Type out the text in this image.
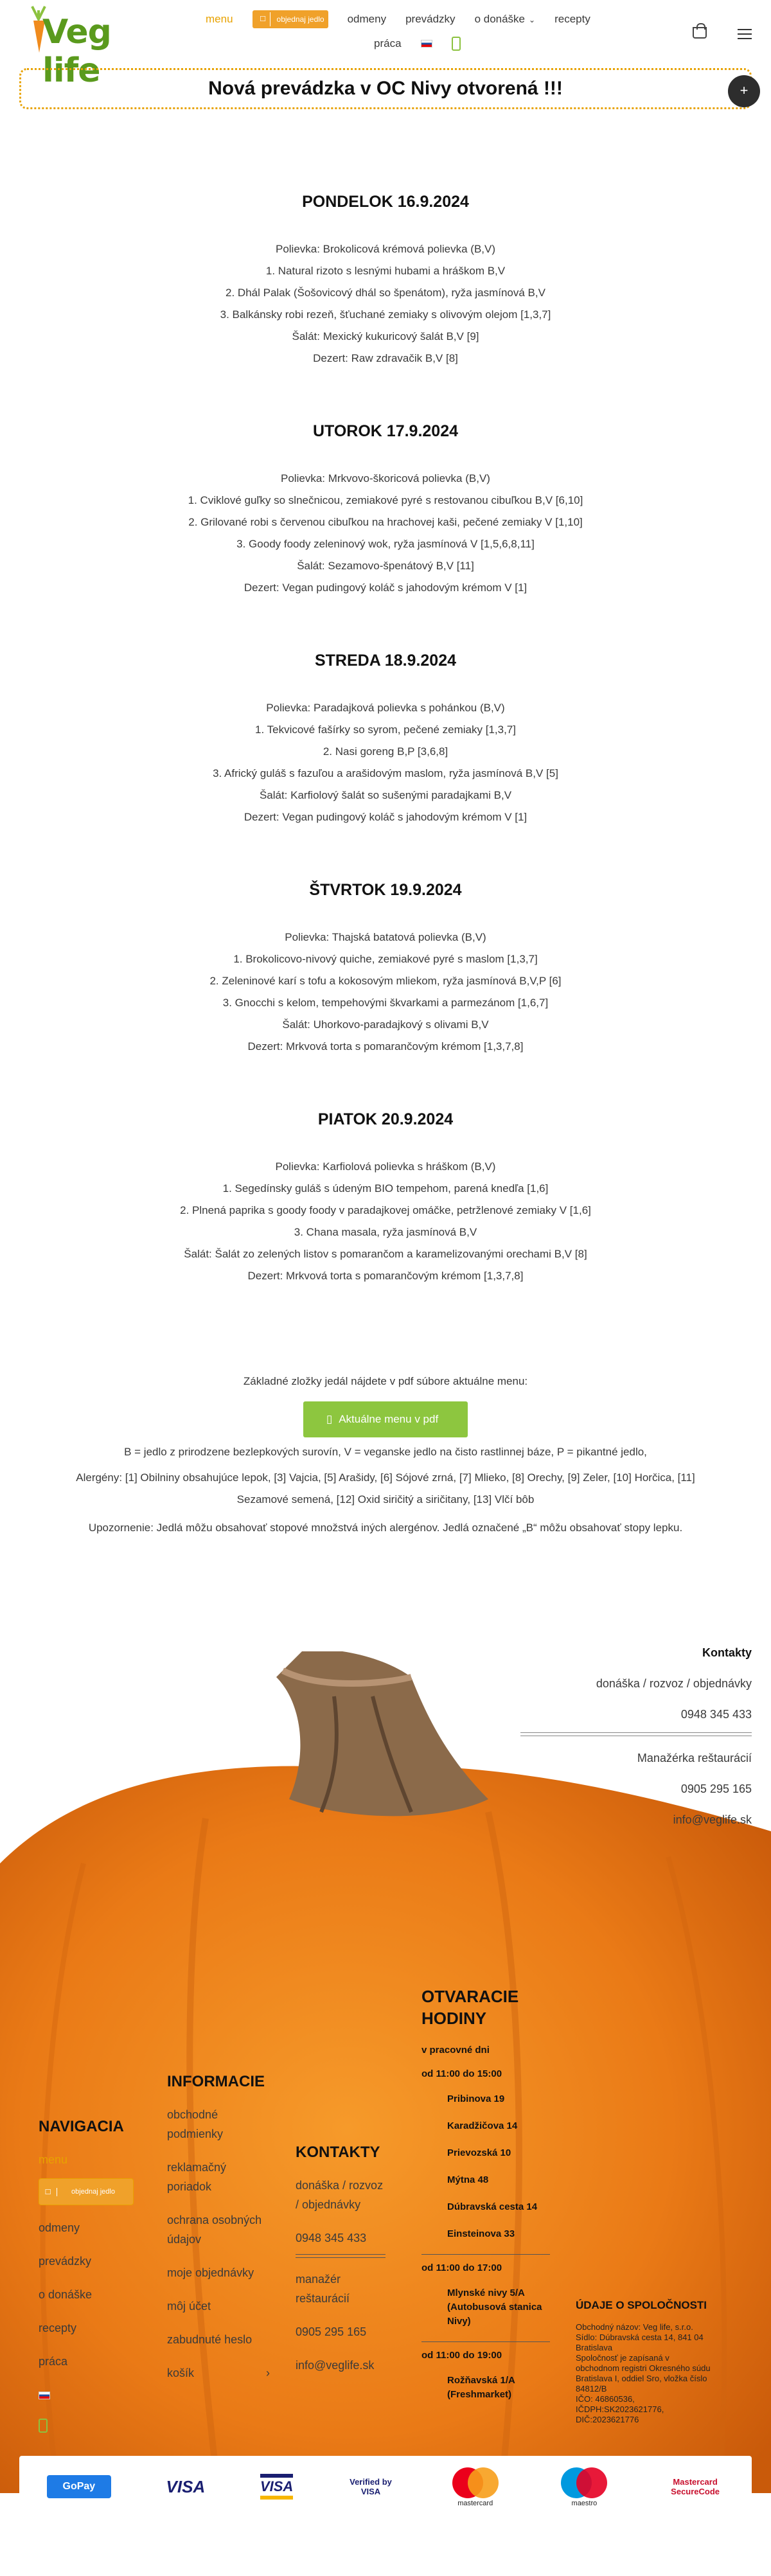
Veg life
menu	☐	objednaj jedlo odmeny prevádzky o donáške ⌄ recepty
práca
Nová prevádzka v OC Nivy otvorená !!!	+
PONDELOK 16.9.2024

Polievka: Brokolicová krémová polievka (B,V)

1. Natural rizoto s lesnými hubami a hráškom B,V

2. Dhál Palak (Šošovicový dhál so špenátom), ryža jasmínová B,V

3. Balkánsky robi rezeň, šťuchané zemiaky s olivovým olejom [1,3,7]

Šalát: Mexický kukuricový šalát B,V [9]

Dezert: Raw zdravačik B,V [8]

UTOROK 17.9.2024

Polievka: Mrkvovo-škoricová polievka (B,V)

1. Cviklové guľky so slnečnicou, zemiakové pyré s restovanou cibuľkou B,V [6,10]

2. Grilované robi s červenou cibuľkou na hrachovej kaši, pečené zemiaky V [1,10]

3. Goody foody zeleninový wok, ryža jasmínová V [1,5,6,8,11]

Šalát: Sezamovo-špenátový B,V [11]

Dezert: Vegan pudingový koláč s jahodovým krémom V [1]

STREDA 18.9.2024

Polievka: Paradajková polievka s pohánkou (B,V)

1. Tekvicové fašírky so syrom, pečené zemiaky [1,3,7]

2. Nasi goreng B,P [3,6,8]

3. Africký guláš s fazuľou a arašidovým maslom, ryža jasmínová B,V [5]

Šalát: Karfiolový šalát so sušenými paradajkami B,V

Dezert: Vegan pudingový koláč s jahodovým krémom V [1]

ŠTVRTOK 19.9.2024

Polievka: Thajská batatová polievka (B,V)

1. Brokolicovo-nivový quiche, zemiakové pyré s maslom [1,3,7]

2. Zeleninové karí s tofu a kokosovým mliekom, ryža jasmínová B,V,P [6]

3. Gnocchi s kelom, tempehovými škvarkami a parmezánom [1,6,7]

Šalát: Uhorkovo-paradajkový s olivami B,V

Dezert: Mrkvová torta s pomarančovým krémom [1,3,7,8]

PIATOK 20.9.2024

Polievka: Karfiolová polievka s hráškom (B,V)

1. Segedínsky guláš s údeným BIO tempehom, parená knedľa [1,6]

2. Plnená paprika s goody foody v paradajkovej omáčke, petržlenové zemiaky V [1,6]

3. Chana masala, ryža jasmínová B,V

Šalát: Šalát zo zelených listov s pomarančom a karamelizovanými orechami B,V [8]

Dezert: Mrkvová torta s pomarančovým krémom [1,3,7,8]

Základné zložky jedál nájdete v pdf súbore aktuálne menu:

▯ Aktuálne menu v pdf

B = jedlo z prirodzene bezlepkových surovín, V = veganske jedlo na čisto rastlinnej báze, P = pikantné jedlo,

Alergény: [1] Obilniny obsahujúce lepok, [3] Vajcia, [5] Arašidy, [6] Sójové zrná, [7] Mlieko, [8] Orechy, [9] Zeler, [10] Horčica, [11]

Sezamové semená, [12] Oxid siričitý a siričitany, [13] Vlčí bôb

Upozornenie: Jedlá môžu obsahovať stopové množstvá iných alergénov. Jedlá označené „B“ môžu obsahovať stopy lepku.

Kontakty
donáška / rozvoz / objednávky
0948 345 433
Manažérka reštaurácií
0905 295 165
info@veglife.sk
NAVIGACIA
menu
☐	objednaj jedlo
odmeny
prevádzky
o donáške
recepty
práca
INFORMACIE
obchodné podmienky
reklamačný poriadok
ochrana osobných údajov
moje objednávky
môj účet
zabudnuté heslo
košík	›
KONTAKTY
donáška / rozvoz / objednávky
0948 345 433
manažér reštaurácií
0905 295 165
info@veglife.sk
OTVARACIE HODINY
v pracovné dni
od 11:00 do 15:00
Pribinova 19
Karadžičova 14
Prievozská 10
Mýtna 48
Dúbravská cesta 14
Einsteinova 33
od 11:00 do 17:00
Mlynské nivy 5/A (Autobusová stanica Nivy)
od 11:00 do 19:00
Rožňavská 1/A (Freshmarket)
ÚDAJE O SPOLOČNOSTI
Obchodný názov: Veg life, s.r.o.
Sídlo: Dúbravská cesta 14, 841 04
Bratislava
Spoločnosť je zapísaná v
obchodnom registri Okresného súdu
Bratislava I, oddiel Sro, vložka číslo
84812/B
IČO: 46860536,
IČDPH:SK2023621776,
DIČ:2023621776
GoPay	VISA	VISA	Verified by VISA
mastercard	maestro
Mastercard SecureCode
© Copyright 2012 - 2024 | Veg life | All Rights Reserved
